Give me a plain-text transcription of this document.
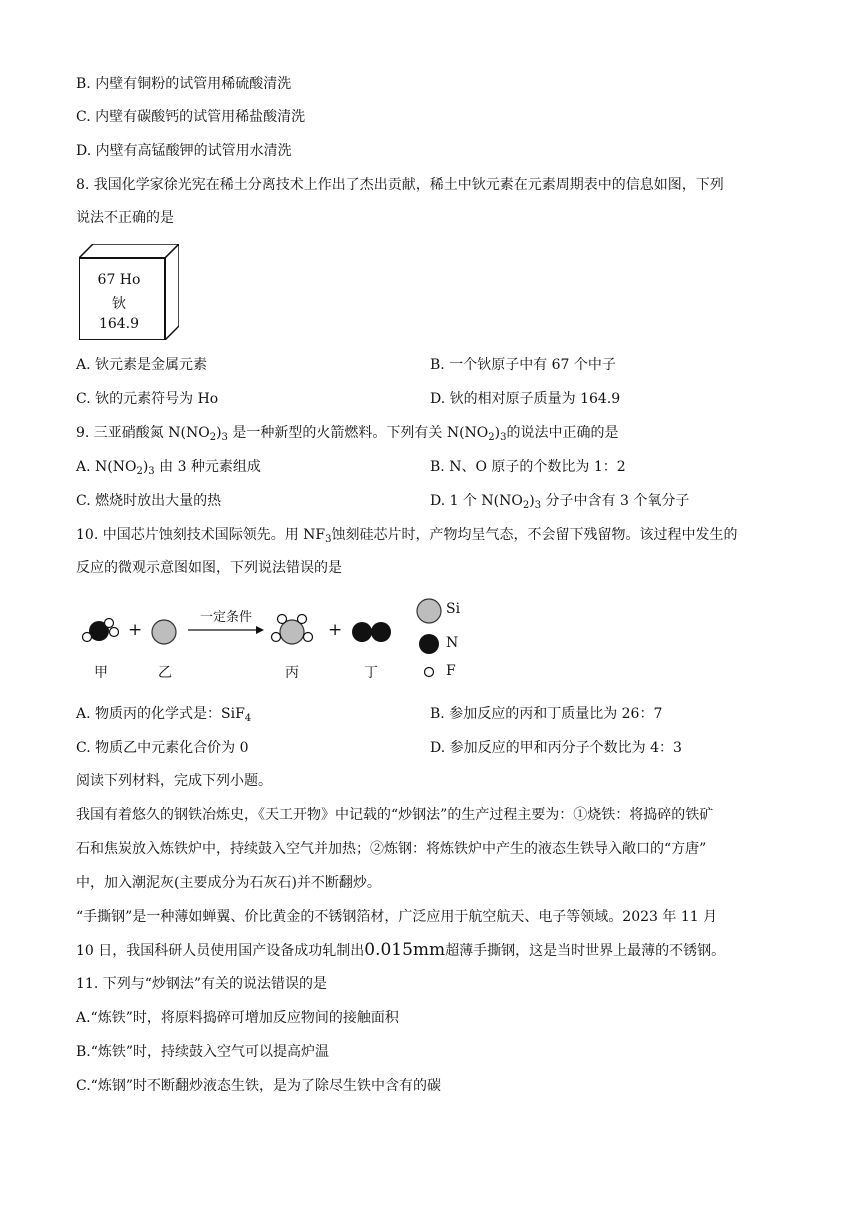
B. 内壁有铜粉的试管用稀硫酸清洗
C. 内壁有碳酸钙的试管用稀盐酸清洗
D. 内壁有高锰酸钾的试管用水清洗
8. 我国化学家徐光宪在稀土分离技术上作出了杰出贡献，稀土中钬元素在元素周期表中的信息如图，下列
说法不正确的是
67 Ho
钬
164.9
A. 钬元素是金属元素	B. 一个钬原子中有 67 个中子
C. 钬的元素符号为 Ho	D. 钬的相对原子质量为 164.9
9. 三亚硝酸氮 $N(NO_2)_3$ 是一种新型的火箭燃料。下列有关 $N(NO_2)_3$的说法中正确的是
A. $N(NO_2)_3$ 由 3 种元素组成	B. N、O 原子的个数比为 1：2
C. 燃烧时放出大量的热	D. 1 个 $N(NO_2)_3$ 分子中含有 3 个氧分子
10. 中国芯片蚀刻技术国际领先。用 $NF_3$蚀刻硅芯片时，产物均呈气态，不会留下残留物。该过程中发生的
反应的微观示意图如图，下列说法错误的是
一定条件
+	+
甲	乙	丙	丁
Si
N
F
A. 物质丙的化学式是：SiF$_4$	B. 参加反应的丙和丁质量比为 26：7
C. 物质乙中元素化合价为 0	D. 参加反应的甲和丙分子个数比为 4：3
阅读下列材料，完成下列小题。
我国有着悠久的钢铁冶炼史，《天工开物》中记载的“炒钢法”的生产过程主要为：①烧铁：将捣碎的铁矿
石和焦炭放入炼铁炉中，持续鼓入空气并加热；②炼钢：将炼铁炉中产生的液态生铁导入敞口的“方唐”
中，加入潮泥灰(主要成分为石灰石)并不断翻炒。
“手撕钢”是一种薄如蝉翼、价比黄金的不锈钢箔材，广泛应用于航空航天、电子等领域。2023 年 11 月
10 日，我国科研人员使用国产设备成功轧制出0.015mm超薄手撕钢，这是当时世界上最薄的不锈钢。
11. 下列与“炒钢法”有关的说法错误的是
A.“炼铁”时，将原料捣碎可增加反应物间的接触面积
B.“炼铁”时，持续鼓入空气可以提高炉温
C.“炼钢”时不断翻炒液态生铁，是为了除尽生铁中含有的碳
